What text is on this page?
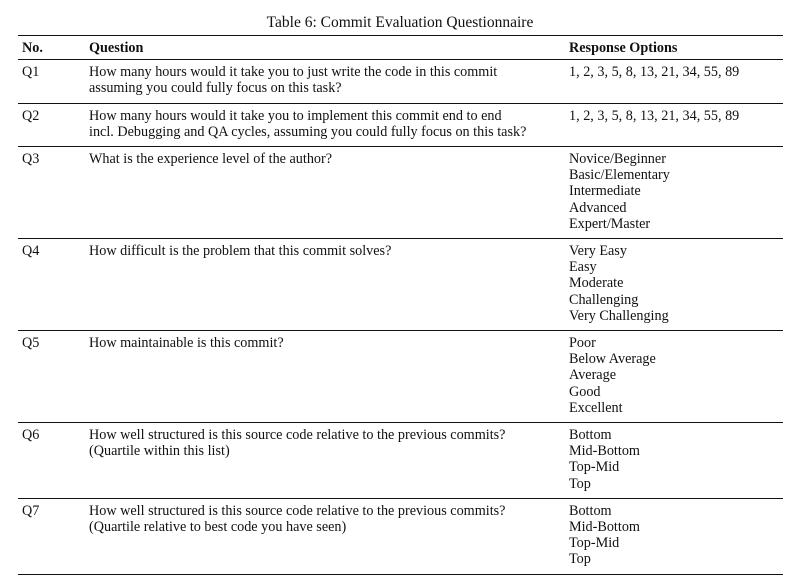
Table 6: Commit Evaluation Questionnaire
No.	Question	Response Options
Q1	How many hours would it take you to just write the code in this commit
assuming you could fully focus on this task?	1, 2, 3, 5, 8, 13, 21, 34, 55, 89

Q2	How many hours would it take you to implement this commit end to end
incl. Debugging and QA cycles, assuming you could fully focus on this task?	1, 2, 3, 5, 8, 13, 21, 34, 55, 89

Q3	What is the experience level of the author?	Novice/Beginner
Basic/Elementary
Intermediate
Advanced
Expert/Master

Q4	How difficult is the problem that this commit solves?	Very Easy
Easy
Moderate
Challenging
Very Challenging

Q5	How maintainable is this commit?	Poor
Below Average
Average
Good
Excellent

Q6	How well structured is this source code relative to the previous commits?
(Quartile within this list)	Bottom
Mid-Bottom
Top-Mid
Top

Q7	How well structured is this source code relative to the previous commits?
(Quartile relative to best code you have seen)	Bottom
Mid-Bottom
Top-Mid
Top
